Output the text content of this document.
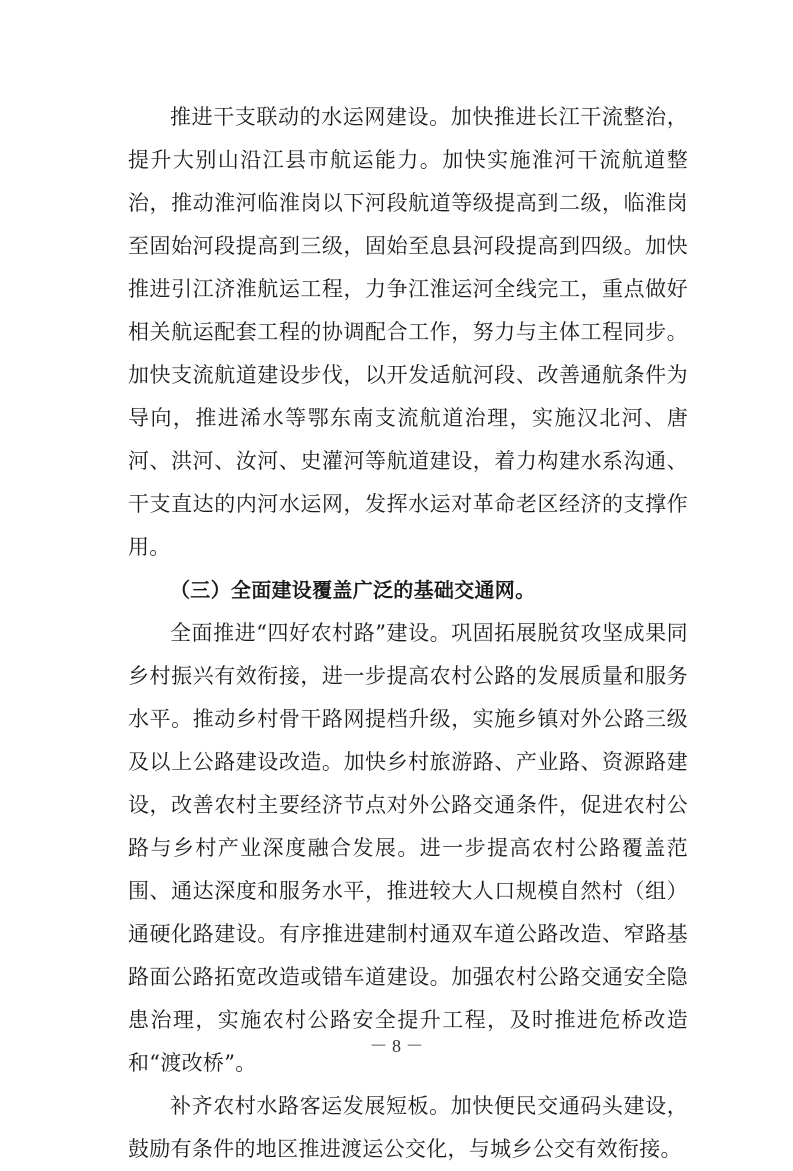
推进干支联动的水运网建设。加快推进长江干流整治，提升大别山沿江县市航运能力。加快实施淮河干流航道整治，推动淮河临淮岗以下河段航道等级提高到二级，临淮岗至固始河段提高到三级，固始至息县河段提高到四级。加快推进引江济淮航运工程，力争江淮运河全线完工，重点做好相关航运配套工程的协调配合工作，努力与主体工程同步。加快支流航道建设步伐，以开发适航河段、改善通航条件为导向，推进浠水等鄂东南支流航道治理，实施汉北河、唐河、洪河、汝河、史灌河等航道建设，着力构建水系沟通、干支直达的内河水运网，发挥水运对革命老区经济的支撑作用。

（三）全面建设覆盖广泛的基础交通网。

全面推进“四好农村路”建设。巩固拓展脱贫攻坚成果同乡村振兴有效衔接，进一步提高农村公路的发展质量和服务水平。推动乡村骨干路网提档升级，实施乡镇对外公路三级及以上公路建设改造。加快乡村旅游路、产业路、资源路建设，改善农村主要经济节点对外公路交通条件，促进农村公路与乡村产业深度融合发展。进一步提高农村公路覆盖范围、通达深度和服务水平，推进较大人口规模自然村（组）通硬化路建设。有序推进建制村通双车道公路改造、窄路基路面公路拓宽改造或错车道建设。加强农村公路交通安全隐患治理，实施农村公路安全提升工程，及时推进危桥改造和“渡改桥”。

补齐农村水路客运发展短板。加快便民交通码头建设，鼓励有条件的地区推进渡运公交化，与城乡公交有效衔接。

－ 8 －
